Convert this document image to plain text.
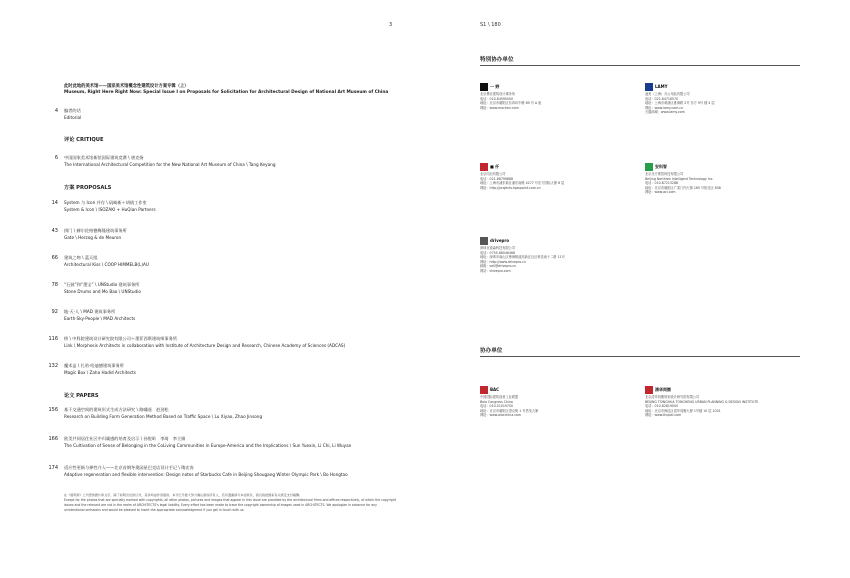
3
此时此地的美术馆——国家美术馆概念性建筑设计方案专辑（上）
Museum, Right Here Right Now: Special Issue I on Proposals for Solicitation for Architectural Design of National Art Museum of China
4 编者的话
Editorial
评论 CRITIQUE
6 中国国家美术馆新馆国际建筑竞赛 \ 唐克扬
The International Architectural Competition for the New National Art Museum of China \ Tang Keyang
方案 PROPOSALS
14 System 与 Icon 并存 \ 矶崎新＋胡倩工作室
System & Icon \ ISOZAKI + HuQian Partners
43 拱门 \ 赫尔佐格德梅隆建筑事务所
Gate \ Herzog & de Meuron
66 建筑之吻 \ 蓝天组
Architectural Kiss \ COOP HIMMELB(L)AU
78 “石鼓”和“墨宝” \ UNStudio 建筑事务所
Stone Drums and Mo Bao \ UNStudio
92 地·天·人 \ MAD 建筑事务所
Earth·Sky·People \ MAD Architects
116 桥 \ 中科院建筑设计研究院有限公司＋墨菲西斯建筑师事务所
Link \ Morphosis Architects in collaboration with Institute of Architecture Design and Research, Chinese Academy of Sciences (ADCAS)
132 魔术盒 \ 扎哈·哈迪德建筑事务所
Magic Box \ Zaha Hadid Architects
论文 PAPERS
156 基于交通空间的建筑形式生成方法研究 \ 路嘯遥　赵劲松
Research on Building Form Generation Method Based on Traffic Space \ Lu Xiyao, Zhao Jinsong
166 欧美共同居住社区中归属感的培育及启示 \ 孙悦昕　李琦　李立娟
The Cultivation of Sense of Belonging in the CoLiving Communities in Europe-America and the Implications \ Sun Yuexin, Li Chi, Li Wuyan
174 适应性更新与弹性介入——北京首钢冬奥园星巴克店设计手记 \ 隋宏涛
Adaptive regeneration and flexible intervention: Design notes of Starbucks Cafe in Beijing Shougang Winter Olympic Park \ Bo Hongtao
在《建筑师》上刊登的图片和文字，除了标明出处的以外，其余均由作者提供。本刊已尽最大努力确认版权所有人，若有遗漏请与本社联系，我们将按国家有关规定支付稿酬。
Except for the photos that are specially marked with copyrights, all other photos, pictures and images that appear in this issue are provided by the architectural firms and offices respectively, of which the copyright issues and the relevant are not in the realm of ARCHITECTS's legal liability. Every effort has been made to trace the copyright ownership of images used in ARCHITECTS. We apologize in advance for any unintentional omissions and would be pleased to insert the appropriate acknowledgment if you get in touch with us.
S1 \ 180
特别协办单位
协办单位
一 野

北京墨臣建筑设计事务所

电话：010-84595000

地址：北京市朝阳区东四环中路 89 号 A 座

网址：www.mochen.com

LAMY

凌美（上海）办公用品有限公司

电话：021-64716570

地址：上海市黄浦区淮海路 2号 东方 9号 楼 4 层

网址：www.lamy.com.cn

天猫商城：www.lamy.com

■ 仟

北京同启有限公司

电话：021-68799888

地址：上海市浦东新区浦东南路 4277 号东方国际大厦 8 层

网址：http://projects.tqaspoint.com.cn

安科智

北京北方维智科技有限公司

Beijing Northrex Intelligent Technology Inc.

电话：010-87213288

地址：北京市朝阳区广渠门内大街 165 号院北区 808

网址：www.aci.com

drivepro

深圳市道森科技有限公司

电话：0755-86046468

地址：深圳市南山区粤海街道高新区社区科技南十二路 11号

网址：http://www.drivepro.cn

邮箱：sell@drivepro.cn

网站：drivepro.com

BAC

中国国际建筑创意工业联盟

Baia Congress China

电话：010-51019700

地址：北京市朝阳区望京街 1 号昌茂大厦

网址：www.aiacchina.com

清华同衡

北京清华同衡规划设计研究院有限公司

BEIJING TSINGHUA TONGHENG URBAN PLANNING & DESIGN INSTITUTE

电话：010-82819000

地址：北京市海淀区清华同衡大厦 1号楼 10 层 1001

网址：www.thupdi.com
